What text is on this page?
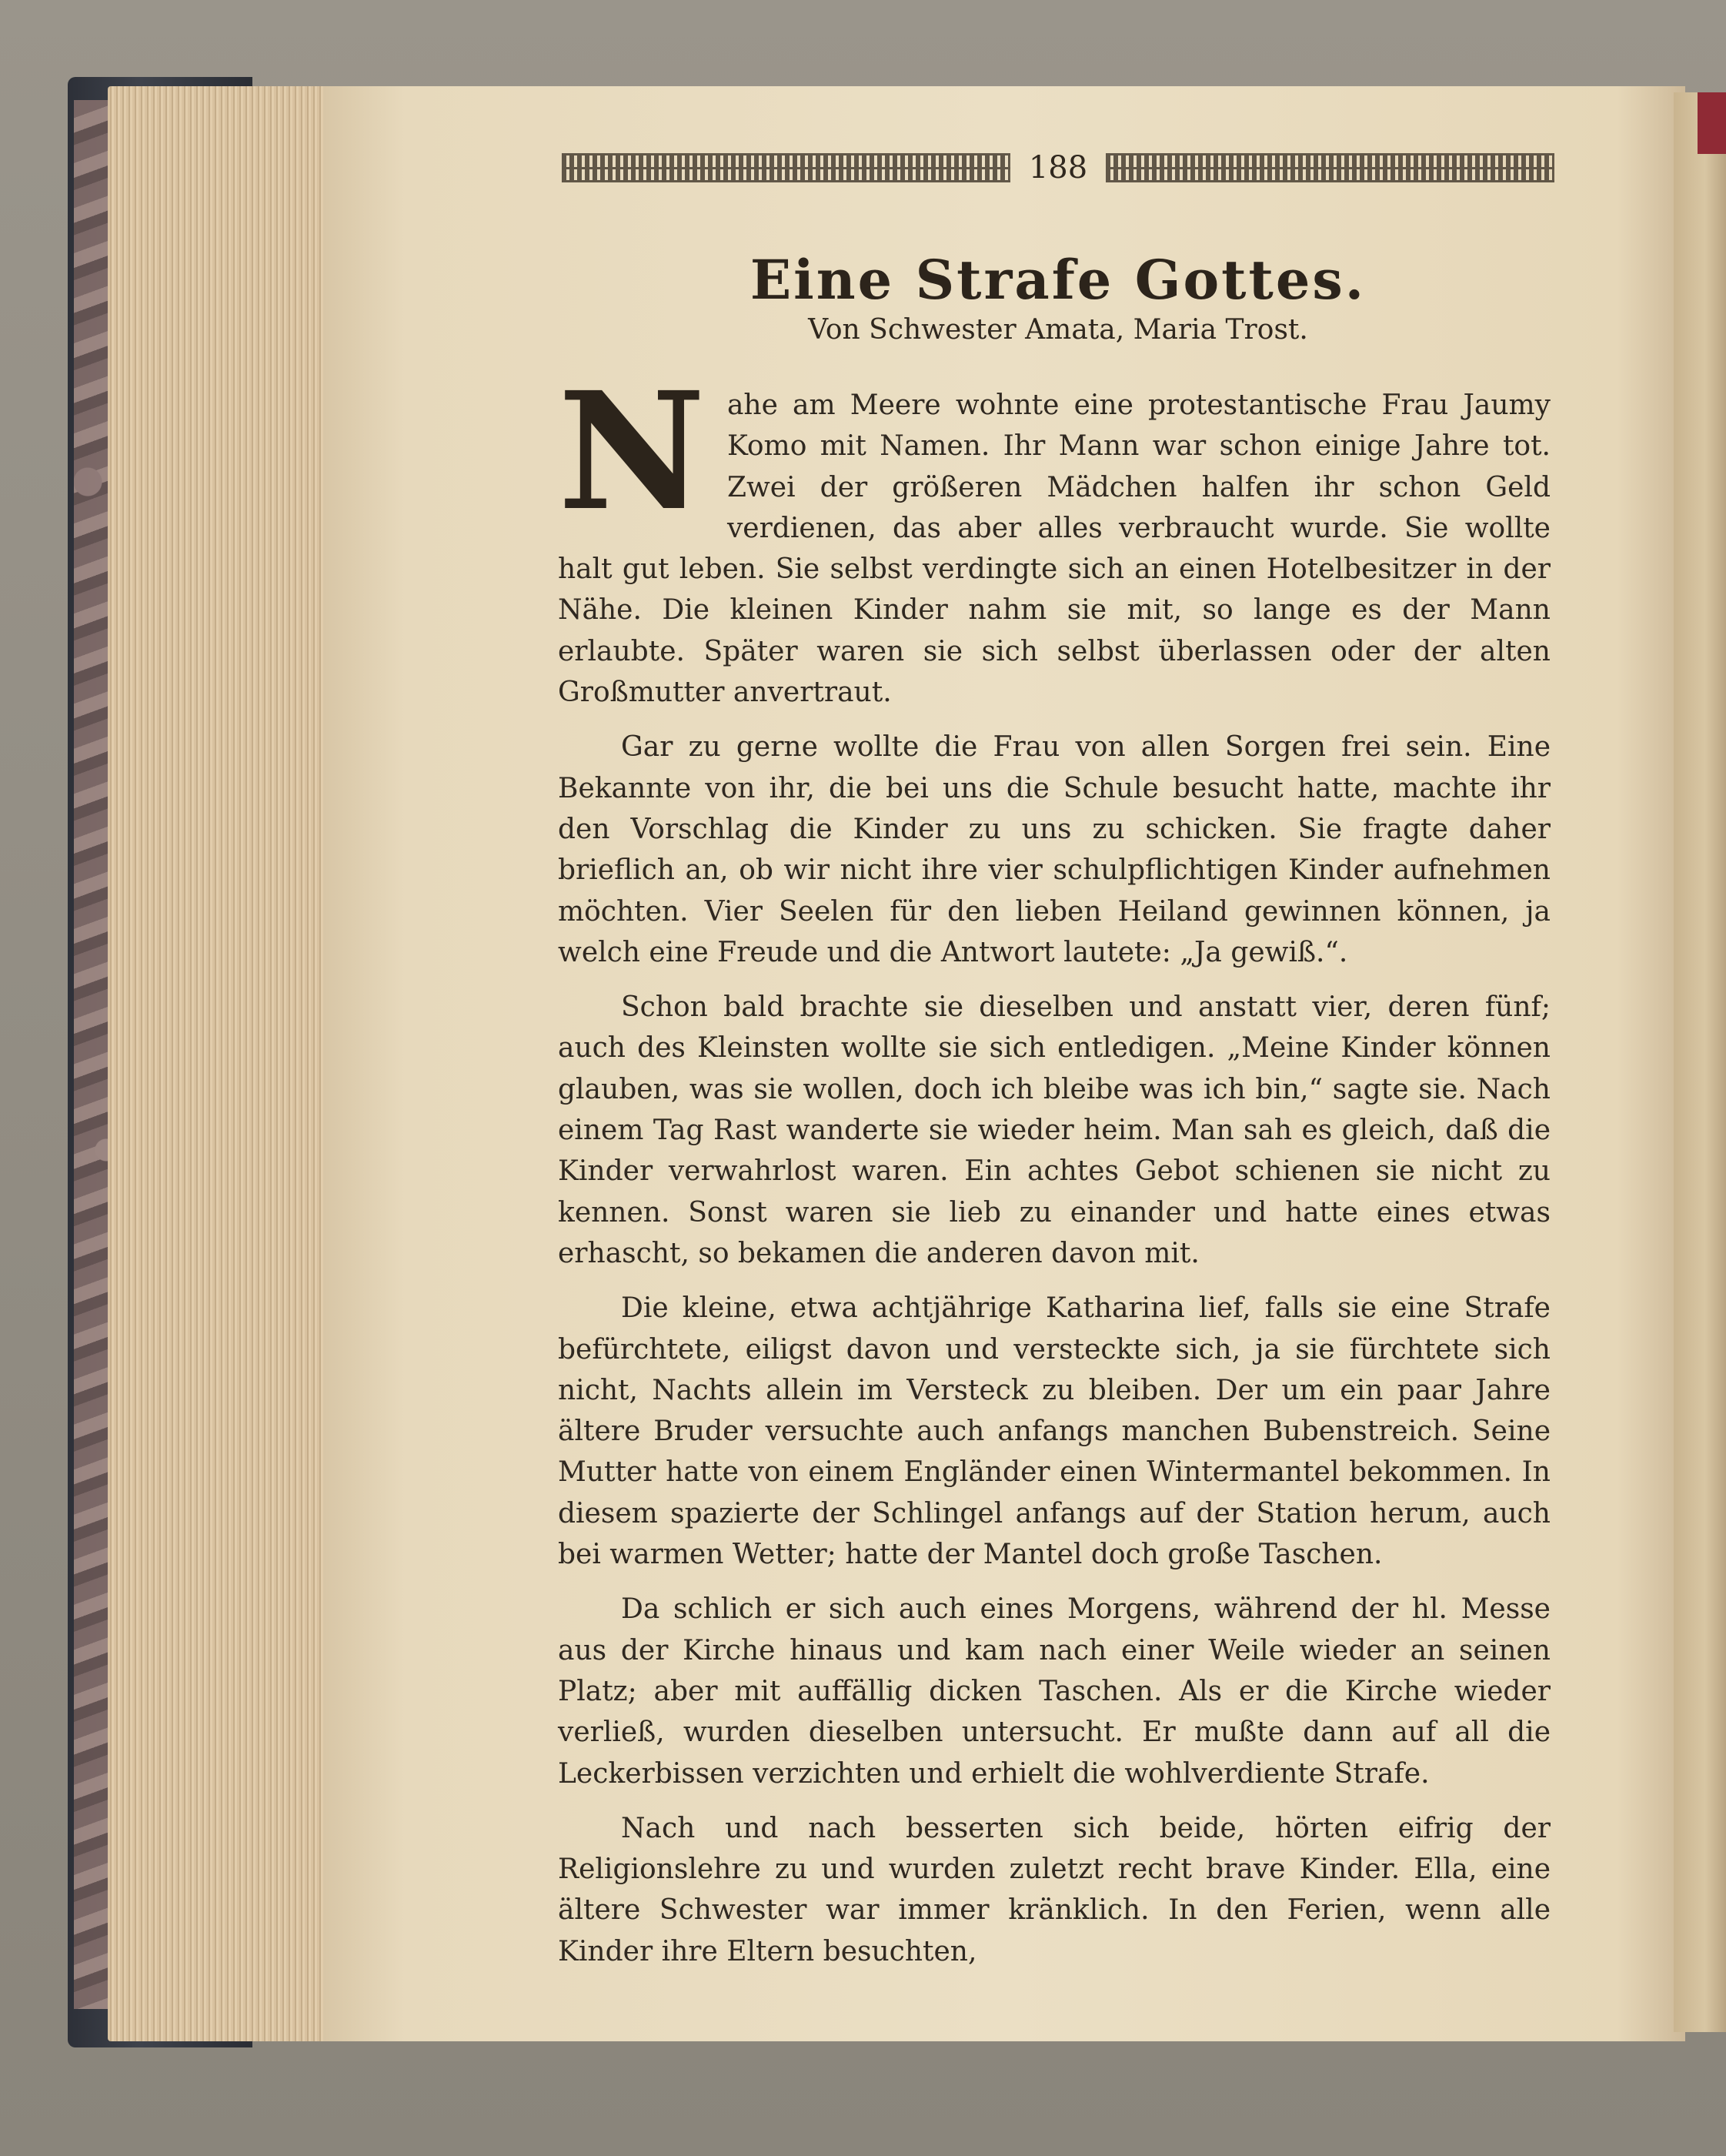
188
Eine Strafe Gottes.
Von Schwester Amata, Maria Trost.

Nahe am Meere wohnte eine protestantische Frau Jaumy Komo mit Namen. Ihr Mann war schon einige Jahre tot. Zwei der größeren Mädchen halfen ihr schon Geld verdienen, das aber alles verbraucht wurde. Sie wollte halt gut leben. Sie selbst verdingte sich an einen Hotelbesitzer in der Nähe. Die kleinen Kinder nahm sie mit, so lange es der Mann erlaubte. Später waren sie sich selbst überlassen oder der alten Großmutter anvertraut.

Gar zu gerne wollte die Frau von allen Sorgen frei sein. Eine Bekannte von ihr, die bei uns die Schule besucht hatte, machte ihr den Vorschlag die Kinder zu uns zu schicken. Sie fragte daher brieflich an, ob wir nicht ihre vier schulpflichtigen Kinder aufnehmen möchten. Vier Seelen für den lieben Heiland gewinnen können, ja welch eine Freude und die Antwort lautete: „Ja gewiß.“.

Schon bald brachte sie dieselben und anstatt vier, deren fünf; auch des Kleinsten wollte sie sich entledigen. „Meine Kinder können glauben, was sie wollen, doch ich bleibe was ich bin,“ sagte sie. Nach einem Tag Rast wanderte sie wieder heim. Man sah es gleich, daß die Kinder verwahrlost waren. Ein achtes Gebot schienen sie nicht zu kennen. Sonst waren sie lieb zu einander und hatte eines etwas erhascht, so bekamen die anderen davon mit.

Die kleine, etwa achtjährige Katharina lief, falls sie eine Strafe befürchtete, eiligst davon und versteckte sich, ja sie fürchtete sich nicht, Nachts allein im Versteck zu bleiben. Der um ein paar Jahre ältere Bruder versuchte auch anfangs manchen Bubenstreich. Seine Mutter hatte von einem Engländer einen Wintermantel bekommen. In diesem spazierte der Schlingel anfangs auf der Station herum, auch bei warmen Wetter; hatte der Mantel doch große Taschen.

Da schlich er sich auch eines Morgens, während der hl. Messe aus der Kirche hinaus und kam nach einer Weile wieder an seinen Platz; aber mit auffällig dicken Taschen. Als er die Kirche wieder verließ, wurden dieselben untersucht. Er mußte dann auf all die Leckerbissen verzichten und erhielt die wohlverdiente Strafe.

Nach und nach besserten sich beide, hörten eifrig der Religionslehre zu und wurden zuletzt recht brave Kinder. Ella, eine ältere Schwester war immer kränklich. In den Ferien, wenn alle Kinder ihre Eltern besuchten,
